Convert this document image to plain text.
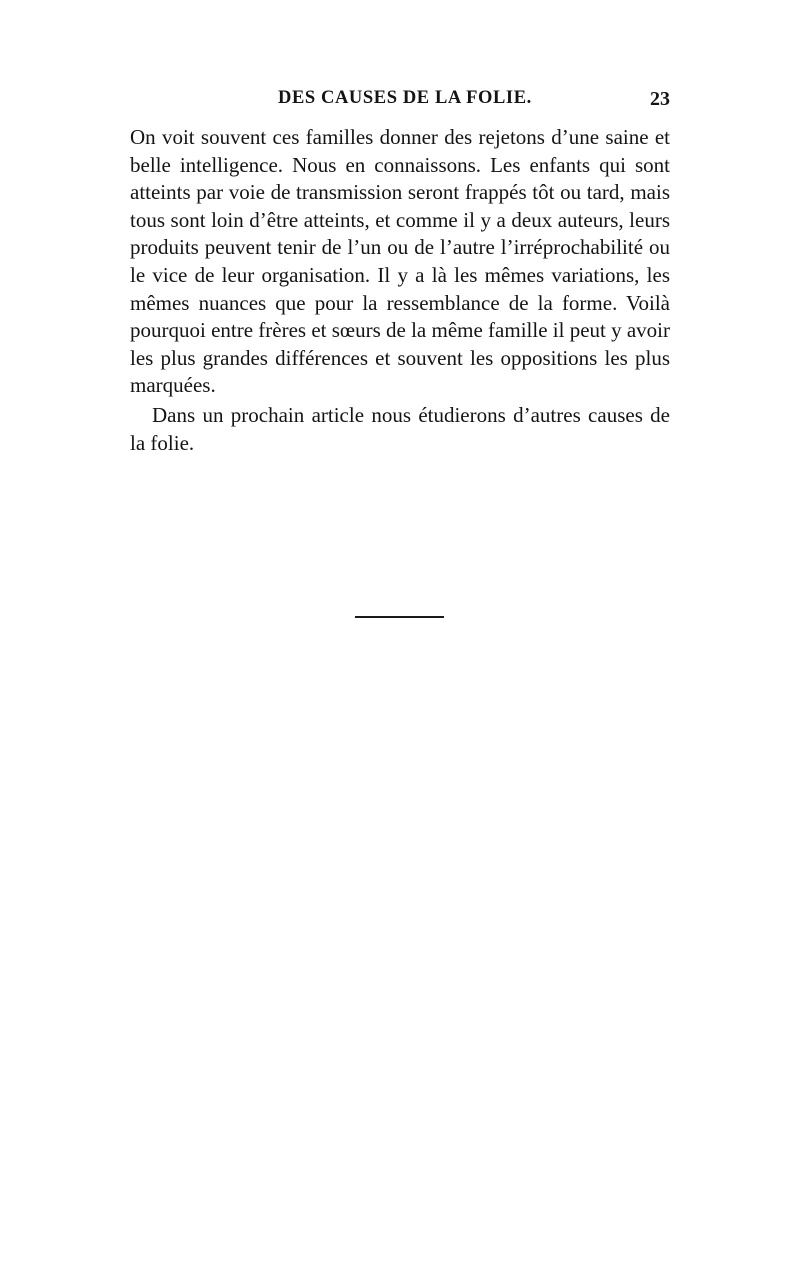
DES CAUSES DE LA FOLIE.	23
On voit souvent ces familles donner des rejetons d’une saine et
belle intelligence. Nous en connaissons. Les enfants qui sont
atteints par voie de transmission seront frappés tôt ou tard, mais
tous sont loin d’être atteints, et comme il y a deux auteurs, leurs
produits peuvent tenir de l’un ou de l’autre l’irréprochabilité ou
le vice de leur organisation. Il y a là les mêmes variations, les
mêmes nuances que pour la ressemblance de la forme. Voilà
pourquoi entre frères et sœurs de la même famille il peut y avoir
les plus grandes différences et souvent les oppositions les plus
marquées.
Dans un prochain article nous étudierons d’autres causes de
la folie.
